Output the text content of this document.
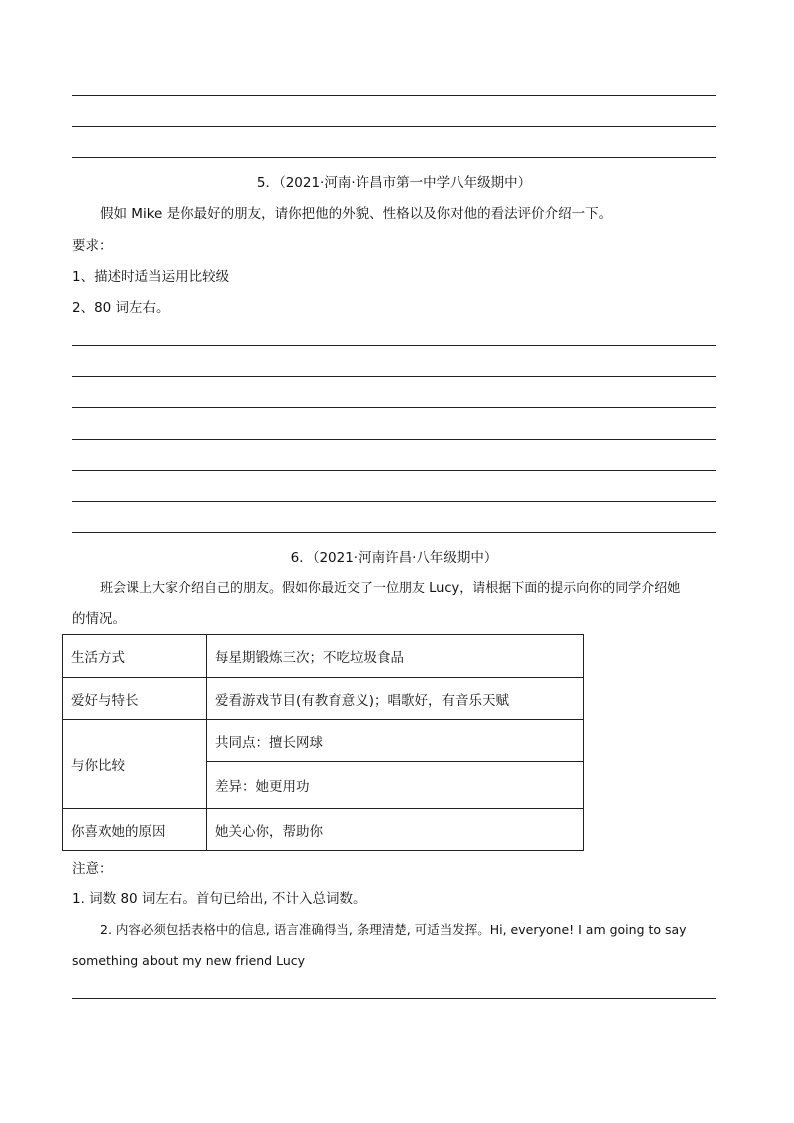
5．（2021·河南·许昌市第一中学八年级期中）
假如 Mike 是你最好的朋友，请你把他的外貌、性格以及你对他的看法评价介绍一下。
要求：
1、描述时适当运用比较级
2、80 词左右。
6．（2021·河南许昌·八年级期中）
班会课上大家介绍自己的朋友。假如你最近交了一位朋友 Lucy，请根据下面的提示向你的同学介绍她
的情况。
生活方式	每星期锻炼三次；不吃垃圾食品
爱好与特长	爱看游戏节目(有教育意义)；唱歌好，有音乐天赋
与你比较	共同点：擅长网球
	差异：她更用功
你喜欢她的原因	她关心你，帮助你
注意：
1. 词数 80 词左右。首句已给出, 不计入总词数。
2. 内容必须包括表格中的信息, 语言准确得当, 条理清楚, 可适当发挥。Hi, everyone! I am going to say
something about my new friend Lucy
